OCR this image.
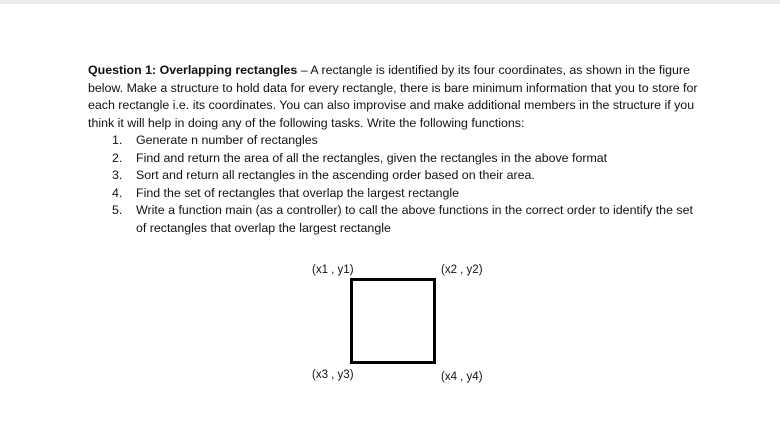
Question 1: Overlapping rectangles – A rectangle is identified by its four coordinates, as shown in the figure below. Make a structure to hold data for every rectangle, there is bare minimum information that you to store for each rectangle i.e. its coordinates. You can also improvise and make additional members in the structure if you think it will help in doing any of the following tasks. Write the following functions:

1. Generate n number of rectangles
2. Find and return the area of all the rectangles, given the rectangles in the above format
3. Sort and return all rectangles in the ascending order based on their area.
4. Find the set of rectangles that overlap the largest rectangle
5. Write a function main (as a controller) to call the above functions in the correct order to identify the set of rectangles that overlap the largest rectangle
(x1 , y1)	(x2 , y2)
(x3 , y3)	(x4 , y4)
